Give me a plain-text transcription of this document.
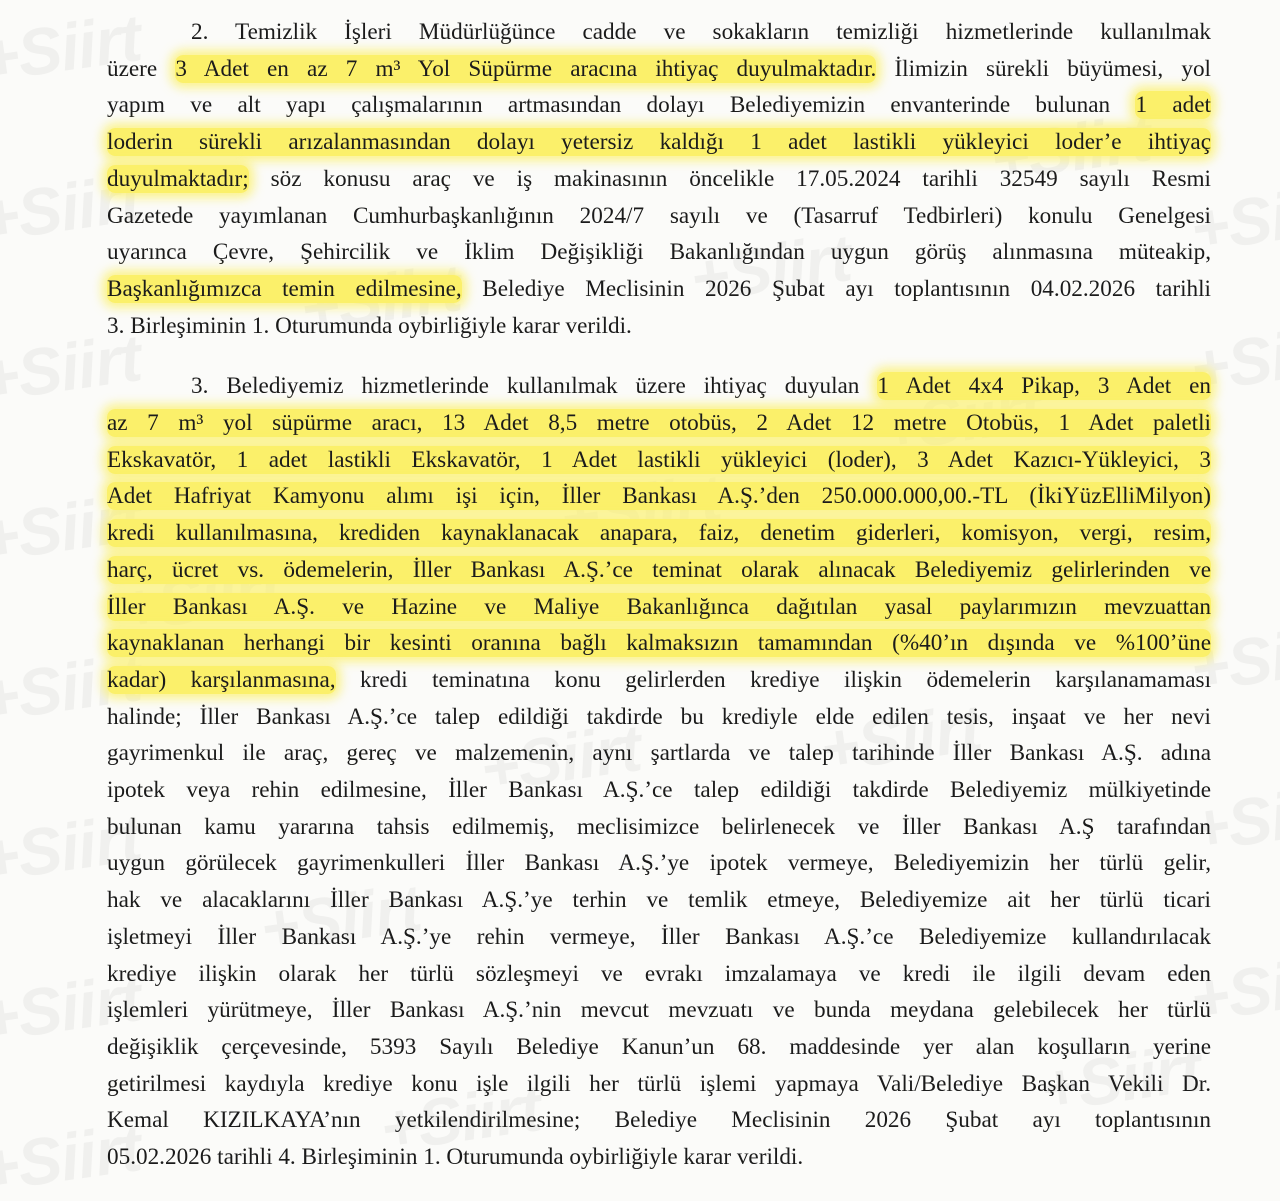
2. Temizlik İşleri Müdürlüğünce cadde ve sokakların temizliği hizmetlerinde kullanılmak
üzere 3 Adet en az 7 m³ Yol Süpürme aracına ihtiyaç duyulmaktadır. İlimizin sürekli büyümesi, yol
yapım ve alt yapı çalışmalarının artmasından dolayı Belediyemizin envanterinde bulunan 1 adet
loderin sürekli arızalanmasından dolayı yetersiz kaldığı 1 adet lastikli yükleyici loder’e ihtiyaç
duyulmaktadır; söz konusu araç ve iş makinasının öncelikle 17.05.2024 tarihli 32549 sayılı Resmi
Gazetede yayımlanan Cumhurbaşkanlığının 2024/7 sayılı ve (Tasarruf Tedbirleri) konulu Genelgesi
uyarınca Çevre, Şehircilik ve İklim Değişikliği Bakanlığından uygun görüş alınmasına müteakip,
Başkanlığımızca temin edilmesine, Belediye Meclisinin 2026 Şubat ayı toplantısının 04.02.2026 tarihli
3. Birleşiminin 1. Oturumunda oybirliğiyle karar verildi.
3. Belediyemiz hizmetlerinde kullanılmak üzere ihtiyaç duyulan 1 Adet 4x4 Pikap, 3 Adet en
az 7 m³ yol süpürme aracı, 13 Adet 8,5 metre otobüs, 2 Adet 12 metre Otobüs, 1 Adet paletli
Ekskavatör, 1 adet lastikli Ekskavatör, 1 Adet lastikli yükleyici (loder), 3 Adet Kazıcı-Yükleyici, 3
Adet Hafriyat Kamyonu alımı işi için, İller Bankası A.Ş.’den 250.000.000,00.-TL (İkiYüzElliMilyon)
kredi kullanılmasına, krediden kaynaklanacak anapara, faiz, denetim giderleri, komisyon, vergi, resim,
harç, ücret vs. ödemelerin, İller Bankası A.Ş.’ce teminat olarak alınacak Belediyemiz gelirlerinden ve
İller Bankası A.Ş. ve Hazine ve Maliye Bakanlığınca dağıtılan yasal paylarımızın mevzuattan
kaynaklanan herhangi bir kesinti oranına bağlı kalmaksızın tamamından (%40’ın dışında ve %100’üne
kadar) karşılanmasına, kredi teminatına konu gelirlerden krediye ilişkin ödemelerin karşılanamaması
halinde; İller Bankası A.Ş.’ce talep edildiği takdirde bu krediyle elde edilen tesis, inşaat ve her nevi
gayrimenkul ile araç, gereç ve malzemenin, aynı şartlarda ve talep tarihinde İller Bankası A.Ş. adına
ipotek veya rehin edilmesine, İller Bankası A.Ş.’ce talep edildiği takdirde Belediyemiz mülkiyetinde
bulunan kamu yararına tahsis edilmemiş, meclisimizce belirlenecek ve İller Bankası A.Ş tarafından
uygun görülecek gayrimenkulleri İller Bankası A.Ş.’ye ipotek vermeye, Belediyemizin her türlü gelir,
hak ve alacaklarını İller Bankası A.Ş.’ye terhin ve temlik etmeye, Belediyemize ait her türlü ticari
işletmeyi İller Bankası A.Ş.’ye rehin vermeye, İller Bankası A.Ş.’ce Belediyemize kullandırılacak
krediye ilişkin olarak her türlü sözleşmeyi ve evrakı imzalamaya ve kredi ile ilgili devam eden
işlemleri yürütmeye, İller Bankası A.Ş.’nin mevcut mevzuatı ve bunda meydana gelebilecek her türlü
değişiklik çerçevesinde, 5393 Sayılı Belediye Kanun’un 68. maddesinde yer alan koşulların yerine
getirilmesi kaydıyla krediye konu işle ilgili her türlü işlemi yapmaya Vali/Belediye Başkan Vekili Dr.
Kemal KIZILKAYA’nın yetkilendirilmesine; Belediye Meclisinin 2026 Şubat ayı toplantısının
05.02.2026 tarihli 4. Birleşiminin 1. Oturumunda oybirliğiyle karar verildi.
